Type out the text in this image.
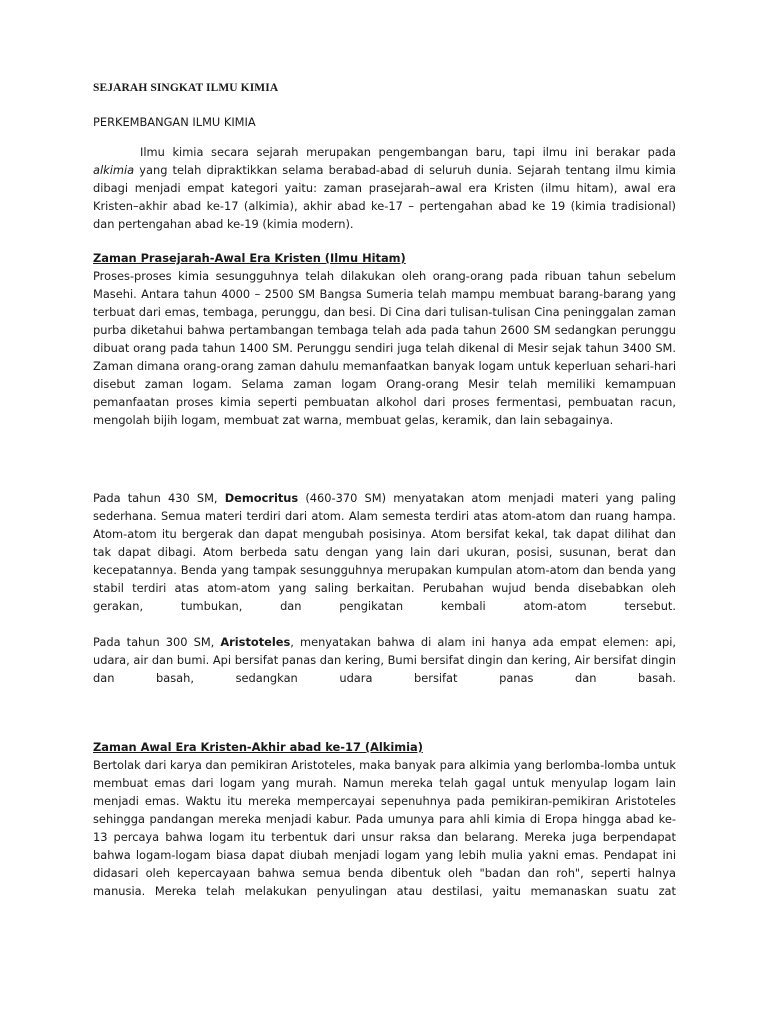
SEJARAH SINGKAT ILMU KIMIA
PERKEMBANGAN ILMU KIMIA

Ilmu kimia secara sejarah merupakan pengembangan baru, tapi ilmu ini berakar pada alkimia yang telah dipraktikkan selama berabad-abad di seluruh dunia. Sejarah tentang ilmu kimia dibagi menjadi empat kategori yaitu: zaman prasejarah–awal era Kristen (ilmu hitam), awal era Kristen–akhir abad ke-17 (alkimia), akhir abad ke-17 – pertengahan abad ke 19 (kimia tradisional) dan pertengahan abad ke-19 (kimia modern).

Zaman Prasejarah-Awal Era Kristen (Ilmu Hitam)

Proses-proses kimia sesungguhnya telah dilakukan oleh orang-orang pada ribuan tahun sebelum Masehi. Antara tahun 4000 – 2500 SM Bangsa Sumeria telah mampu membuat barang-barang yang terbuat dari emas, tembaga, perunggu, dan besi. Di Cina dari tulisan-tulisan Cina peninggalan zaman purba diketahui bahwa pertambangan tembaga telah ada pada tahun 2600 SM sedangkan perunggu dibuat orang pada tahun 1400 SM. Perunggu sendiri juga telah dikenal di Mesir sejak tahun 3400 SM. Zaman dimana orang-orang zaman dahulu memanfaatkan banyak logam untuk keperluan sehari-hari disebut zaman logam. Selama zaman logam Orang-orang Mesir telah memiliki kemampuan pemanfaatan proses kimia seperti pembuatan alkohol dari proses fermentasi, pembuatan racun, mengolah bijih logam, membuat zat warna, membuat gelas, keramik, dan lain sebagainya.

Pada tahun 430 SM, Democritus (460-370 SM) menyatakan atom menjadi materi yang paling sederhana. Semua materi terdiri dari atom. Alam semesta terdiri atas atom-atom dan ruang hampa. Atom-atom itu bergerak dan dapat mengubah posisinya. Atom bersifat kekal, tak dapat dilihat dan tak dapat dibagi. Atom berbeda satu dengan yang lain dari ukuran, posisi, susunan, berat dan kecepatannya. Benda yang tampak sesungguhnya merupakan kumpulan atom-atom dan benda yang stabil terdiri atas atom-atom yang saling berkaitan. Perubahan wujud benda disebabkan oleh gerakan, tumbukan, dan pengikatan kembali atom-atom tersebut.

Pada tahun 300 SM, Aristoteles, menyatakan bahwa di alam ini hanya ada empat elemen: api, udara, air dan bumi. Api bersifat panas dan kering, Bumi bersifat dingin dan kering, Air bersifat dingin dan basah, sedangkan udara bersifat panas dan basah.

Zaman Awal Era Kristen-Akhir abad ke-17 (Alkimia)

Bertolak dari karya dan pemikiran Aristoteles, maka banyak para alkimia yang berlomba-lomba untuk membuat emas dari logam yang murah. Namun mereka telah gagal untuk menyulap logam lain menjadi emas. Waktu itu mereka mempercayai sepenuhnya pada pemikiran-pemikiran Aristoteles sehingga pandangan mereka menjadi kabur. Pada umunya para ahli kimia di Eropa hingga abad ke-13 percaya bahwa logam itu terbentuk dari unsur raksa dan belarang. Mereka juga berpendapat bahwa logam-logam biasa dapat diubah menjadi logam yang lebih mulia yakni emas. Pendapat ini didasari oleh kepercayaan bahwa semua benda dibentuk oleh "badan dan roh", seperti halnya manusia. Mereka telah melakukan penyulingan atau destilasi, yaitu memanaskan suatu zat
